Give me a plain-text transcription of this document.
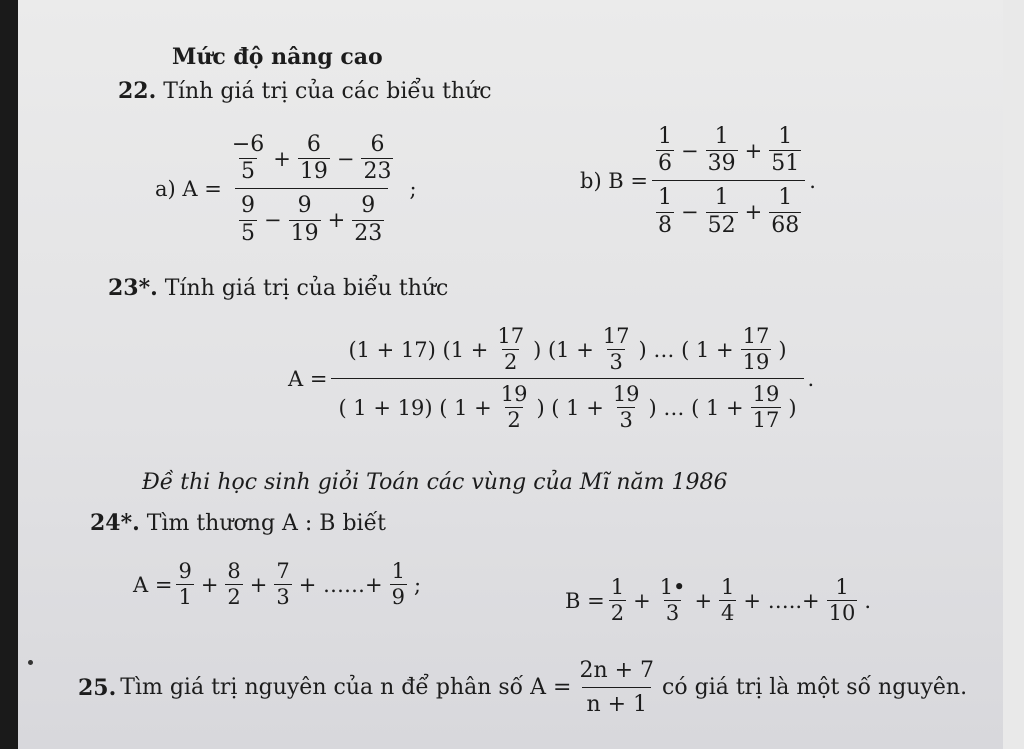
Mức độ nâng cao
22. Tính giá trị của các biểu thức
a) $A = \frac{\frac{-6}{5} + \frac{6}{19} - \frac{6}{23}}{\frac{9}{5} - \frac{9}{19} + \frac{9}{23}}$ ;	b) $B = \frac{\frac{1}{6} - \frac{1}{39} + \frac{1}{51}}{\frac{1}{8} - \frac{1}{52} + \frac{1}{68}}$ .
23*. Tính giá trị của biểu thức
$A = \frac{(1 + 17) (1 + \frac{17}{2} ) (1 + \frac{17}{3} ) \dots ( 1 + \frac{17}{19} )}{( 1 + 19) ( 1 + \frac{19}{2} ) ( 1 + \frac{19}{3} ) \dots ( 1 + \frac{19}{17} )}$ .
Đề thi học sinh giỏi Toán các vùng của Mĩ năm 1986
24*. Tìm thương A : B biết
$A = \frac{9}{1} + \frac{8}{2} + \frac{7}{3}$ + ……+ $\frac{1}{9}$ ;
$B = \frac{1}{2} + \frac{1•}{3} + \frac{1}{4}$ + …..+ $\frac{1}{10}$ .
25. Tìm giá trị nguyên của n để phân số $A = \frac{2n + 7}{n + 1}$ có giá trị là một số nguyên.
